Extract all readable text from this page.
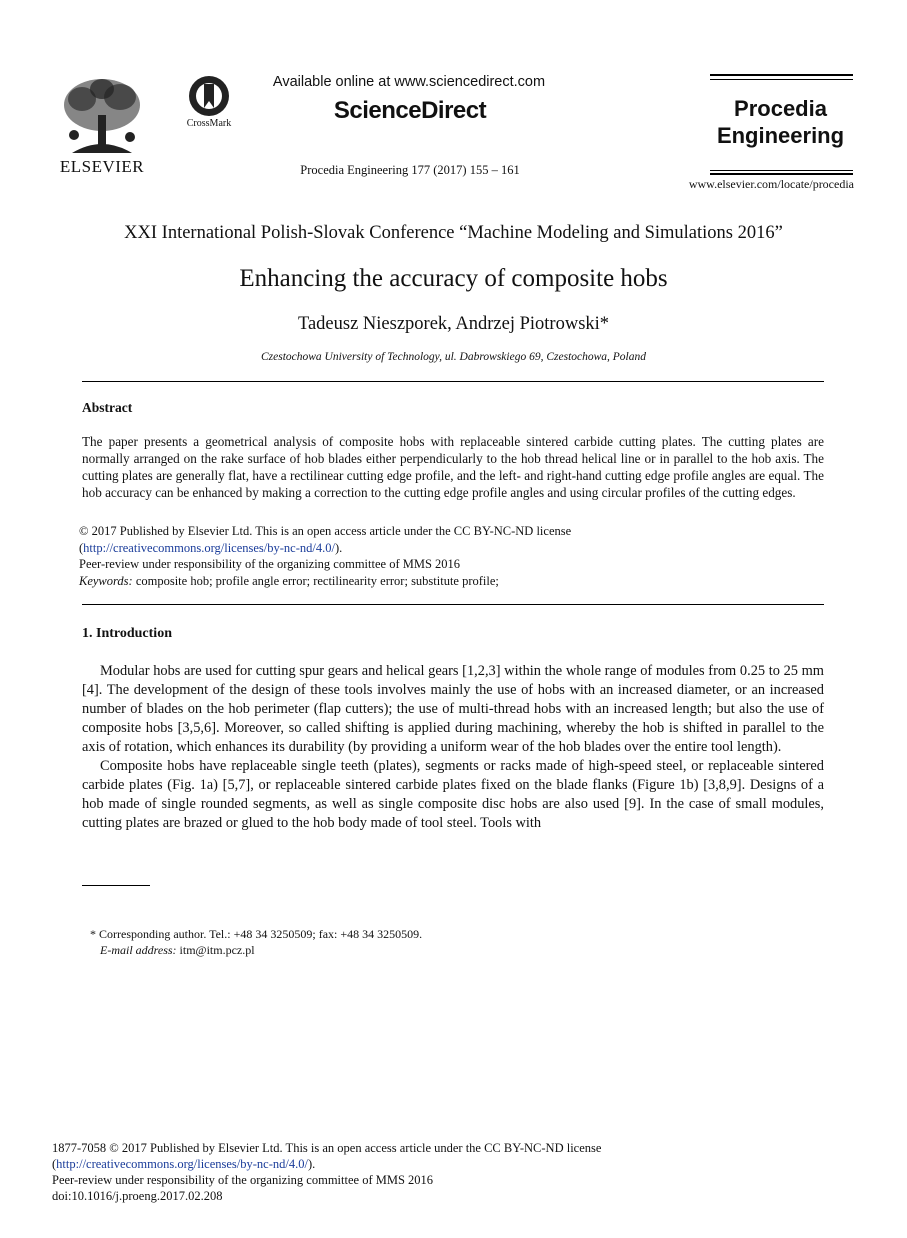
ELSEVIER
CrossMark
Available online at www.sciencedirect.com
ScienceDirect
Procedia Engineering 177 (2017) 155 – 161
Procedia
Engineering
www.elsevier.com/locate/procedia
XXI International Polish-Slovak Conference “Machine Modeling and Simulations 2016”
Enhancing the accuracy of composite hobs
Tadeusz Nieszporek, Andrzej Piotrowski*
Czestochowa University of Technology, ul. Dabrowskiego 69, Czestochowa, Poland
Abstract
The paper presents a geometrical analysis of composite hobs with replaceable sintered carbide cutting plates. The cutting plates are normally arranged on the rake surface of hob blades either perpendicularly to the hob thread helical line or in parallel to the hob axis. The cutting plates are generally flat, have a rectilinear cutting edge profile, and the left- and right-hand cutting edge profile angles are equal. The hob accuracy can be enhanced by making a correction to the cutting edge profile angles and using circular profiles of the cutting edges.
© 2017 Published by Elsevier Ltd. This is an open access article under the CC BY-NC-ND license
(http://creativecommons.org/licenses/by-nc-nd/4.0/).
Peer-review under responsibility of the organizing committee of MMS 2016
Keywords: composite hob; profile angle error; rectilinearity error; substitute profile;
1. Introduction

Modular hobs are used for cutting spur gears and helical gears [1,2,3] within the whole range of modules from 0.25 to 25 mm [4]. The development of the design of these tools involves mainly the use of hobs with an increased diameter, or an increased number of blades on the hob perimeter (flap cutters); the use of multi-thread hobs with an increased length; but also the use of composite hobs [3,5,6]. Moreover, so called shifting is applied during machining, whereby the hob is shifted in parallel to the axis of rotation, which enhances its durability (by providing a uniform wear of the hob blades over the entire tool length).

Composite hobs have replaceable single teeth (plates), segments or racks made of high-speed steel, or replaceable sintered carbide plates (Fig. 1a) [5,7], or replaceable sintered carbide plates fixed on the blade flanks (Figure 1b) [3,8,9]. Designs of a hob made of single rounded segments, as well as single composite disc hobs are also used [9]. In the case of small modules, cutting plates are brazed or glued to the hob body made of tool steel. Tools with

* Corresponding author. Tel.: +48 34 3250509; fax: +48 34 3250509.
E-mail address: itm@itm.pcz.pl
1877-7058 © 2017 Published by Elsevier Ltd. This is an open access article under the CC BY-NC-ND license
(http://creativecommons.org/licenses/by-nc-nd/4.0/).
Peer-review under responsibility of the organizing committee of MMS 2016
doi:10.1016/j.proeng.2017.02.208
